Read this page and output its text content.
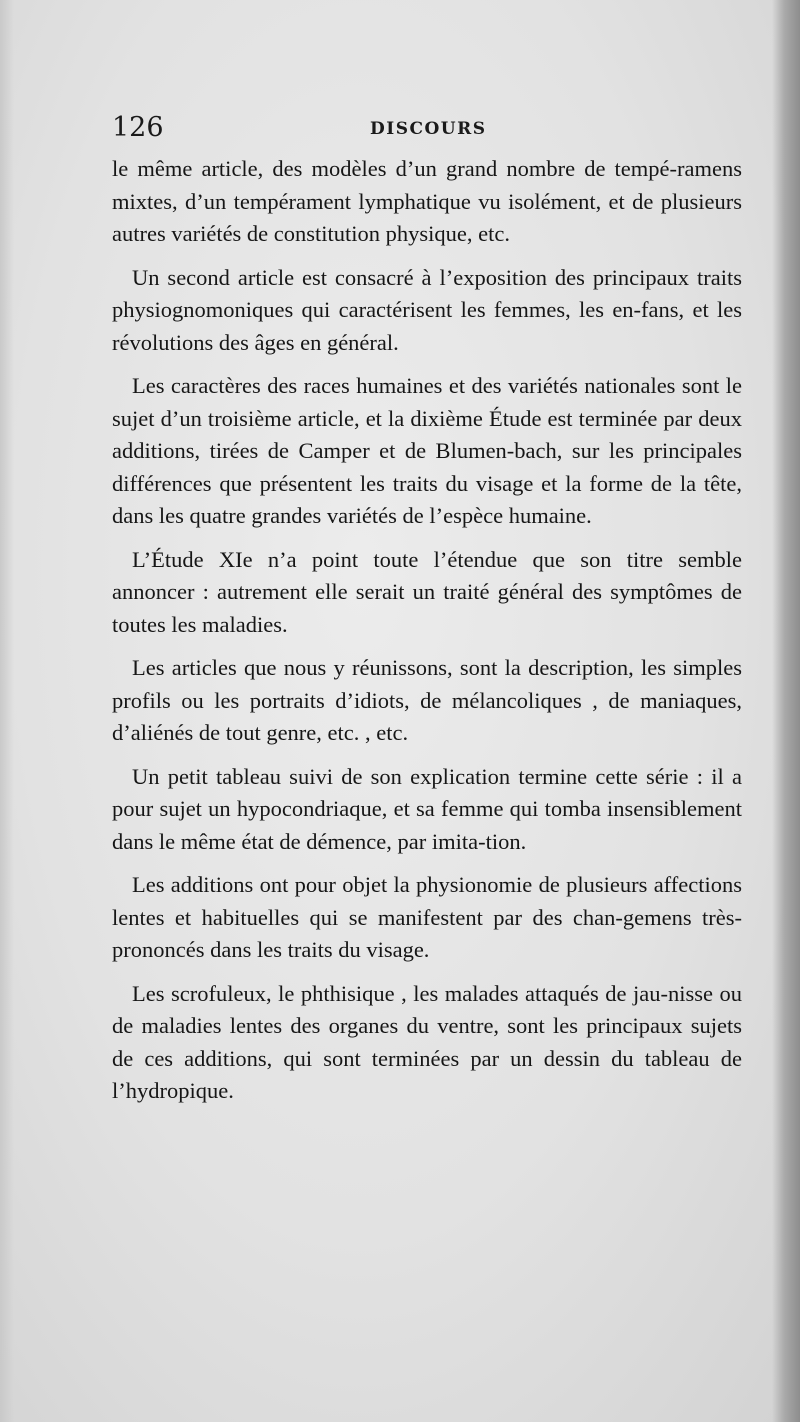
126	DISCOURS

le même article, des modèles d’un grand nombre de tempé-ramens mixtes, d’un tempérament lymphatique vu isolément, et de plusieurs autres variétés de constitution physique, etc.

Un second article est consacré à l’exposition des principaux traits physiognomoniques qui caractérisent les femmes, les en-fans, et les révolutions des âges en général.

Les caractères des races humaines et des variétés nationales sont le sujet d’un troisième article, et la dixième Étude est terminée par deux additions, tirées de Camper et de Blumen-bach, sur les principales différences que présentent les traits du visage et la forme de la tête, dans les quatre grandes variétés de l’espèce humaine.

L’Étude XIe n’a point toute l’étendue que son titre semble annoncer : autrement elle serait un traité général des symptômes de toutes les maladies.

Les articles que nous y réunissons, sont la description, les simples profils ou les portraits d’idiots, de mélancoliques , de maniaques, d’aliénés de tout genre, etc. , etc.

Un petit tableau suivi de son explication termine cette série : il a pour sujet un hypocondriaque, et sa femme qui tomba insensiblement dans le même état de démence, par imita-tion.

Les additions ont pour objet la physionomie de plusieurs affections lentes et habituelles qui se manifestent par des chan-gemens très-prononcés dans les traits du visage.

Les scrofuleux, le phthisique , les malades attaqués de jau-nisse ou de maladies lentes des organes du ventre, sont les principaux sujets de ces additions, qui sont terminées par un dessin du tableau de l’hydropique.
